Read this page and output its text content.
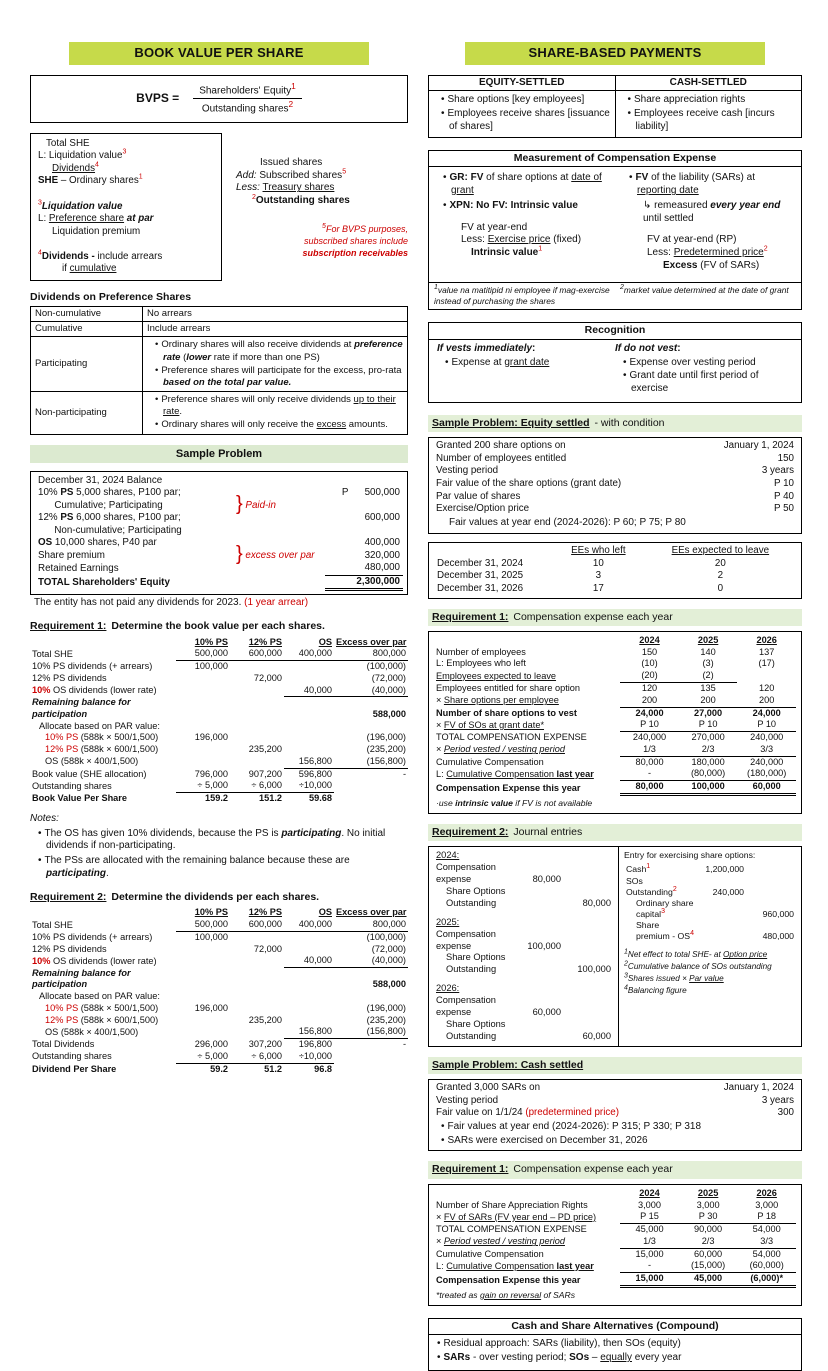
BOOK VALUE PER SHARE
BVPS = $\frac{Shareholders' Equity^1}{Outstanding shares^2}$
Total SHE
L: Liquidation value$^3$
Dividends$^4$
SHE – Ordinary shares$^1$

$^3$Liquidation value
L: Preference share at par
Liquidation premium

$^4$Dividends - include arrears
if cumulative
Issued shares
Add: Subscribed shares$^5$
Less: Treasury shares
$^2$Outstanding shares
$^5$For BVPS purposes,
subscribed shares include
subscription receivables
Dividends on Preference Shares
Non-cumulative	No arrears
Cumulative	Include arrears
Participating	
• Ordinary shares will also receive dividends at preference rate (lower rate if more than one PS)
• Preference shares will participate for the excess, pro-rata based on the total par value.

Non-participating	
• Preference shares will only receive dividends up to their rate.
• Ordinary shares will only receive the excess amounts.
Sample Problem
December 31, 2024 Balance		
10% PS 5,000 shares, P100 par;		P      500,000
Cumulative; Participating	} Paid-in	
12% PS 6,000 shares, P100 par;		600,000
Non-cumulative; Participating		
OS 10,000 shares, P40 par		400,000
Share premium	} excess over par	320,000
Retained Earnings		480,000
TOTAL Shareholders' Equity		2,300,000
The entity has not paid any dividends for 2023. (1 year arrear)
Requirement 1: Determine the book value per each shares.
	10% PS	12% PS	OS	Excess over par
Total SHE	500,000	600,000	400,000	800,000
10% PS dividends (+ arrears)	100,000			(100,000)
12% PS dividends		72,000		(72,000)
10% OS dividends (lower rate)			40,000	(40,000)
Remaining balance for participation				588,000
Allocate based on PAR value:				
10% PS (588k × 500/1,500)	196,000			(196,000)
12% PS (588k × 600/1,500)		235,200		(235,200)
OS (588k × 400/1,500)			156,800	(156,800)
Book value (SHE allocation)	796,000	907,200	596,800	-
Outstanding shares	÷ 5,000	÷ 6,000	÷10,000	
Book Value Per Share	159.2	151.2	59.68	
Notes:
• The OS has given 10% dividends, because the PS is participating. No initial dividends if non-participating.
• The PSs are allocated with the remaining balance because these are participating.
Requirement 2: Determine the dividends per each shares.
	10% PS	12% PS	OS	Excess over par
Total SHE	500,000	600,000	400,000	800,000
10% PS dividends (+ arrears)	100,000			(100,000)
12% PS dividends		72,000		(72,000)
10% OS dividends (lower rate)			40,000	(40,000)
Remaining balance for participation				588,000
Allocate based on PAR value:				
10% PS (588k × 500/1,500)	196,000			(196,000)
12% PS (588k × 600/1,500)		235,200		(235,200)
OS (588k × 400/1,500)			156,800	(156,800)
Total Dividends	296,000	307,200	196,800	-
Outstanding shares	÷ 5,000	÷ 6,000	÷10,000	
Dividend Per Share	59.2	51.2	96.8	
SHARE-BASED PAYMENTS
EQUITY-SETTLED	CASH-SETTLED

• Share options [key employees]
• Employees receive shares [issuance of shares]

• Share appreciation rights
• Employees receive cash [incurs liability]
Measurement of Compensation Expense
• GR: FV of share options at date of grant
• XPN: No FV: Intrinsic value
FV at year-end
Less: Exercise price (fixed)
Intrinsic value$^1$
• FV of the liability (SARs) at reporting date
↳ remeasured every year end until settled
FV at year-end (RP)
Less: Predetermined price$^2$
Excess (FV of SARs)
$^1$value na matitipid ni employee if mag-exercise instead of purchasing the shares
$^2$market value determined at the date of grant
Recognition
If vests immediately:
• Expense at grant date
If do not vest:
• Expense over vesting period
• Grant date until first period of exercise
Sample Problem: Equity settled - with condition
Granted 200 share options on	January 1, 2024
Number of employees entitled	150
Vesting period	3 years
Fair value of the share options (grant date)	P 10
Par value of shares	P 40
Exercise/Option price	P 50
Fair values at year end (2024-2026): P 60; P 75; P 80
	EEs who left	EEs expected to leave
December 31, 2024	10	20
December 31, 2025	3	2
December 31, 2026	17	0
Requirement 1: Compensation expense each year
	2024	2025	2026
Number of employees	150	140	137
L: Employees who left	(10)	(3)	(17)
Employees expected to leave	(20)	(2)	
Employees entitled for share option	120	135	120
× Share options per employee	200	200	200
Number of share options to vest	24,000	27,000	24,000
× FV of SOs at grant date*	P 10	P 10	P 10
TOTAL COMPENSATION EXPENSE	240,000	270,000	240,000
× Period vested / vesting period	1/3	2/3	3/3
Cumulative Compensation	80,000	180,000	240,000
L: Cumulative Compensation last year	-	(80,000)	(180,000)
Compensation Expense this year	80,000	100,000	60,000
·use intrinsic value if FV is not available
Requirement 2: Journal entries
2024:		
Compensation expense	80,000	
Share Options Outstanding		80,000
2025:		
Compensation expense	100,000	
Share Options Outstanding		100,000
2026:		
Compensation expense	60,000	
Share Options Outstanding		60,000
Entry for exercising share options:
Cash$^1$	1,200,000	
SOs Outstanding$^2$	240,000	
Ordinary share capital$^3$		960,000
Share premium - $OS^4$		480,000
1Net effect to total SHE- at Option price
2Cumulative balance of SOs outstanding
3Shares issued × Par value
4Balancing figure
Sample Problem: Cash settled
Granted 3,000 SARs on	January 1, 2024
Vesting period	3 years
Fair value on 1/1/24 (predetermined price)	300
• Fair values at year end (2024-2026): P 315; P 330; P 318
• SARs were exercised on December 31, 2026
Requirement 1: Compensation expense each year
	2024	2025	2026
Number of Share Appreciation Rights	3,000	3,000	3,000
× FV of SARs (FV year end – PD price)	P 15	P 30	P 18
TOTAL COMPENSATION EXPENSE	45,000	90,000	54,000
× Period vested / vesting period	1/3	2/3	3/3
Cumulative Compensation	15,000	60,000	54,000
L: Cumulative Compensation last year	-	(15,000)	(60,000)
Compensation Expense this year	15,000	45,000	(6,000)*
*treated as gain on reversal of SARs
Cash and Share Alternatives (Compound)
• Residual approach: SARs (liability), then SOs (equity)
• SARs - over vesting period; SOs – equally every year
